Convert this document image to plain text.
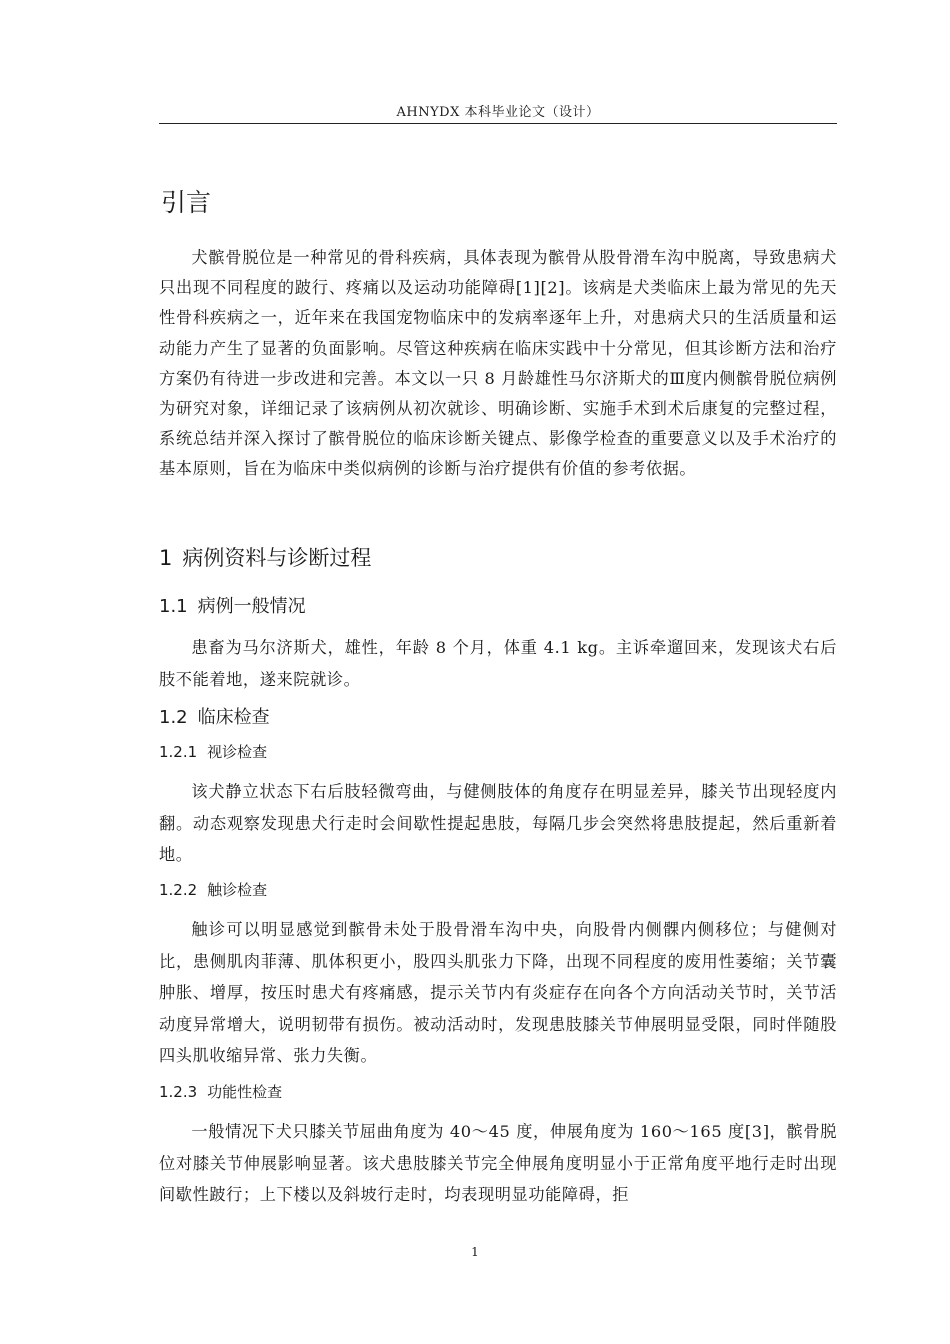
AHNYDX 本科毕业论文（设计）
引言

犬髌骨脱位是一种常见的骨科疾病，具体表现为髌骨从股骨滑车沟中脱离，导致患病犬只出现不同程度的跛行、疼痛以及运动功能障碍[1][2]。该病是犬类临床上最为常见的先天性骨科疾病之一，近年来在我国宠物临床中的发病率逐年上升，对患病犬只的生活质量和运动能力产生了显著的负面影响。尽管这种疾病在临床实践中十分常见，但其诊断方法和治疗方案仍有待进一步改进和完善。本文以一只 8 月龄雄性马尔济斯犬的Ⅲ度内侧髌骨脱位病例为研究对象，详细记录了该病例从初次就诊、明确诊断、实施手术到术后康复的完整过程，系统总结并深入探讨了髌骨脱位的临床诊断关键点、影像学检查的重要意义以及手术治疗的基本原则，旨在为临床中类似病例的诊断与治疗提供有价值的参考依据。

1 病例资料与诊断过程
1.1 病例一般情况

患畜为马尔济斯犬，雄性，年龄 8 个月，体重 4.1 kg。主诉牵遛回来，发现该犬右后肢不能着地，遂来院就诊。

1.2 临床检查
1.2.1 视诊检查

该犬静立状态下右后肢轻微弯曲，与健侧肢体的角度存在明显差异，膝关节出现轻度内翻。动态观察发现患犬行走时会间歇性提起患肢，每隔几步会突然将患肢提起，然后重新着地。

1.2.2 触诊检查

触诊可以明显感觉到髌骨未处于股骨滑车沟中央，向股骨内侧髁内侧移位；与健侧对比，患侧肌肉菲薄、肌体积更小，股四头肌张力下降，出现不同程度的废用性萎缩；关节囊肿胀、增厚，按压时患犬有疼痛感，提示关节内有炎症存在向各个方向活动关节时，关节活动度异常增大，说明韧带有损伤。被动活动时，发现患肢膝关节伸展明显受限，同时伴随股四头肌收缩异常、张力失衡。

1.2.3 功能性检查

一般情况下犬只膝关节屈曲角度为 40～45 度，伸展角度为 160～165 度[3]，髌骨脱位对膝关节伸展影响显著。该犬患肢膝关节完全伸展角度明显小于正常角度平地行走时出现间歇性跛行；上下楼以及斜坡行走时，均表现明显功能障碍，拒

1
